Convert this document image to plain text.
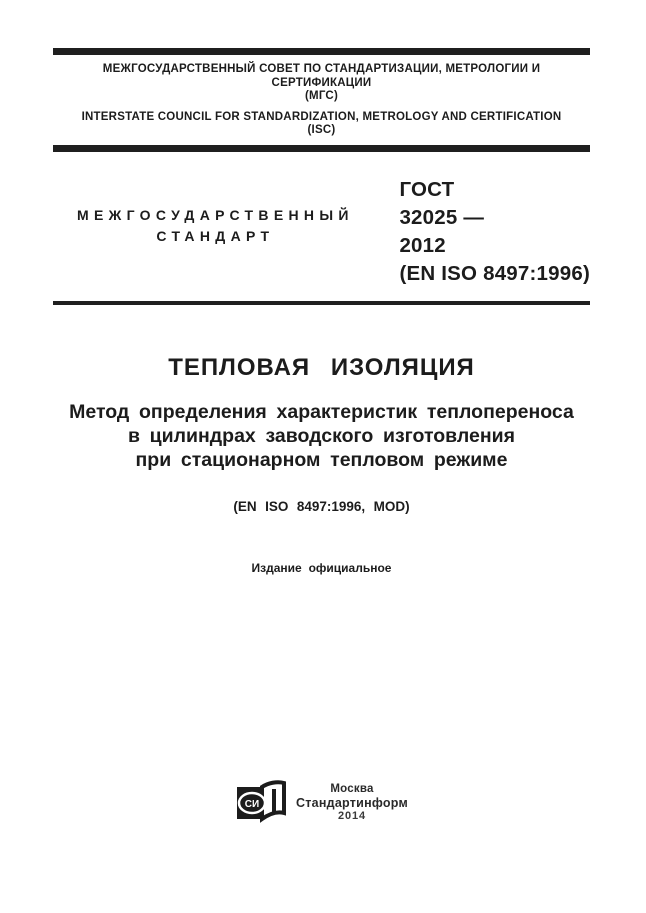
МЕЖГОСУДАРСТВЕННЫЙ СОВЕТ ПО СТАНДАРТИЗАЦИИ, МЕТРОЛОГИИ И СЕРТИФИКАЦИИ
(МГС)
INTERSTATE COUNCIL FOR STANDARDIZATION, METROLOGY AND CERTIFICATION
(ISC)
МЕЖГОСУДАРСТВЕННЫЙ
СТАНДАРТ
ГОСТ
32025 —
2012
(EN ISO 8497:1996)
ТЕПЛОВАЯ ИЗОЛЯЦИЯ
Метод определения характеристик теплопереноса
в цилиндрах заводского изготовления
при стационарном тепловом режиме
(EN ISO 8497:1996, MOD)
Издание официальное
СИ
Москва
Стандартинформ
2014
